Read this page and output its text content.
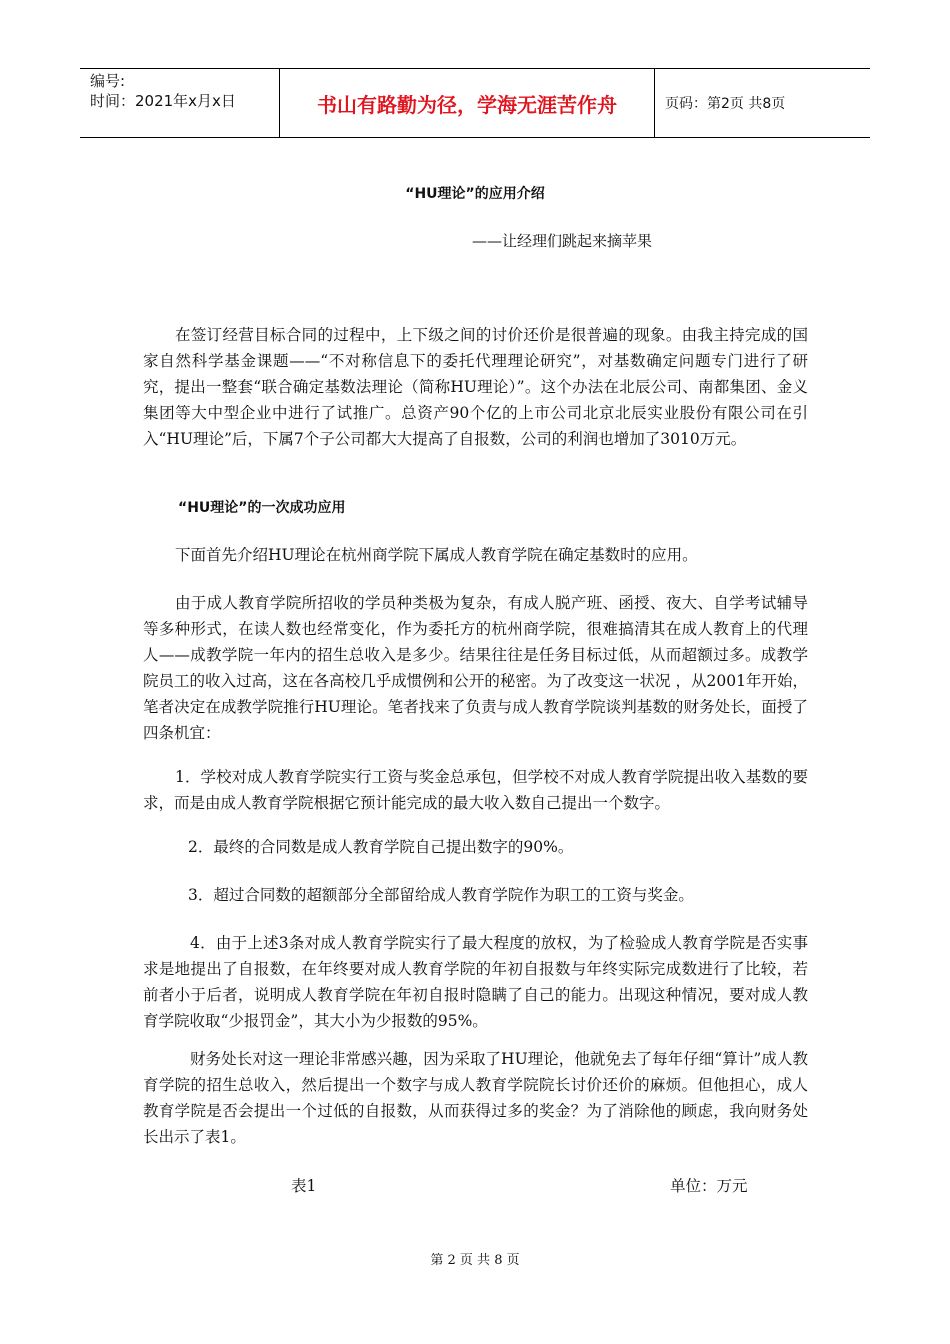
编号:
时间：2021年x月x日	书山有路勤为径，学海无涯苦作舟	页码：第2页 共8页
“HU理论”的应用介绍
——让经理们跳起来摘苹果

在签订经营目标合同的过程中，上下级之间的讨价还价是很普遍的现象。由我主持完成的国家自然科学基金课题——“不对称信息下的委托代理理论研究”，对基数确定问题专门进行了研究，提出一整套“联合确定基数法理论（简称HU理论）”。这个办法在北辰公司、南都集团、金义集团等大中型企业中进行了试推广。总资产90个亿的上市公司北京北辰实业股份有限公司在引入“HU理论”后，下属7个子公司都大大提高了自报数，公司的利润也增加了3010万元。

“HU理论”的一次成功应用

下面首先介绍HU理论在杭州商学院下属成人教育学院在确定基数时的应用。

由于成人教育学院所招收的学员种类极为复杂，有成人脱产班、函授、夜大、自学考试辅导等多种形式，在读人数也经常变化，作为委托方的杭州商学院，很难搞清其在成人教育上的代理人——成教学院一年内的招生总收入是多少。结果往往是任务目标过低，从而超额过多。成教学院员工的收入过高，这在各高校几乎成惯例和公开的秘密。为了改变这一状况 ，从2001年开始，笔者决定在成教学院推行HU理论。笔者找来了负责与成人教育学院谈判基数的财务处长，面授了四条机宜：

1．学校对成人教育学院实行工资与奖金总承包，但学校不对成人教育学院提出收入基数的要求，而是由成人教育学院根据它预计能完成的最大收入数自己提出一个数字。

2．最终的合同数是成人教育学院自己提出数字的90%。

3．超过合同数的超额部分全部留给成人教育学院作为职工的工资与奖金。

4．由于上述3条对成人教育学院实行了最大程度的放权，为了检验成人教育学院是否实事求是地提出了自报数，在年终要对成人教育学院的年初自报数与年终实际完成数进行了比较，若前者小于后者，说明成人教育学院在年初自报时隐瞒了自己的能力。出现这种情况，要对成人教育学院收取“少报罚金”，其大小为少报数的95%。

财务处长对这一理论非常感兴趣，因为采取了HU理论，他就免去了每年仔细“算计”成人教育学院的招生总收入，然后提出一个数字与成人教育学院院长讨价还价的麻烦。但他担心，成人教育学院是否会提出一个过低的自报数，从而获得过多的奖金？为了消除他的顾虑，我向财务处长出示了表1。

表1	单位：万元
第 2 页 共 8 页
